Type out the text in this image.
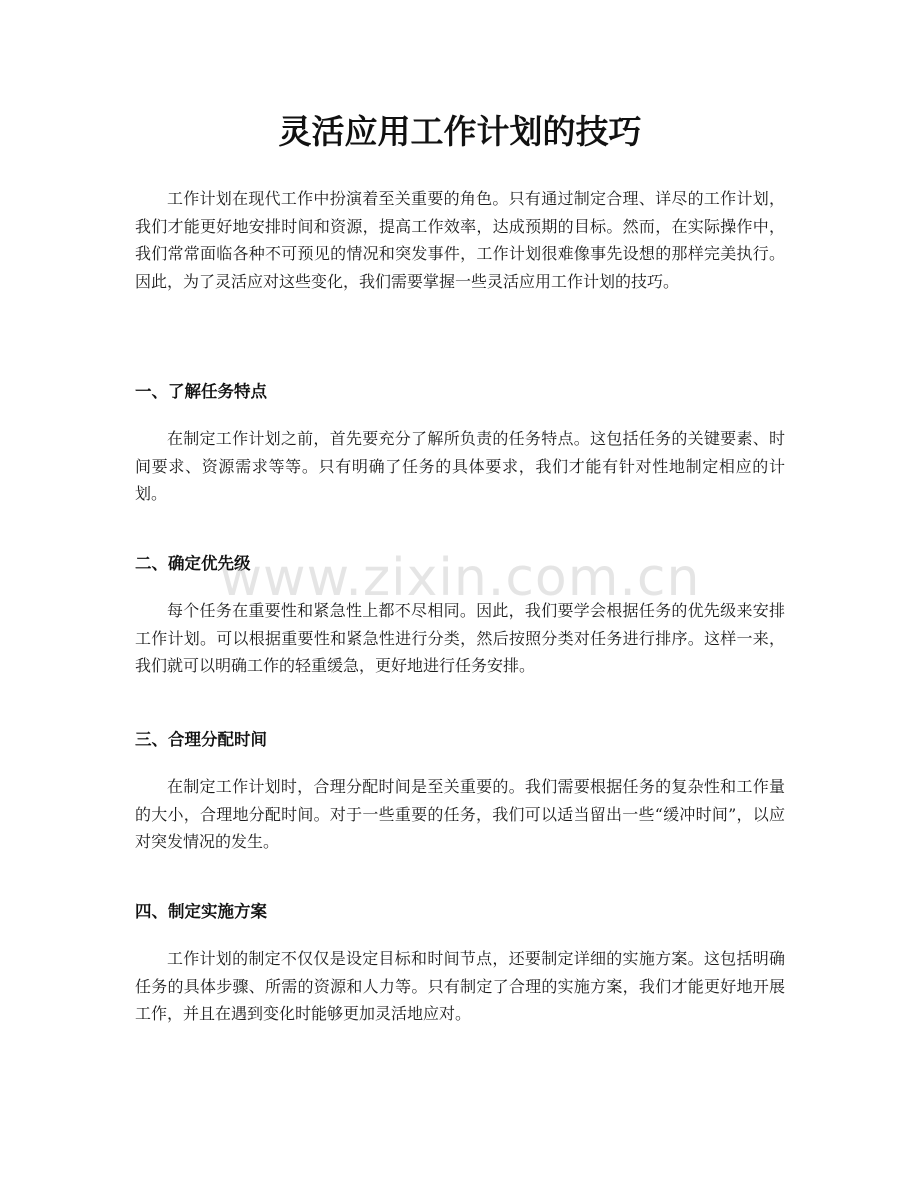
灵活应用工作计划的技巧

工作计划在现代工作中扮演着至关重要的角色。只有通过制定合理、详尽的工作计划，我们才能更好地安排时间和资源，提高工作效率，达成预期的目标。然而，在实际操作中，我们常常面临各种不可预见的情况和突发事件，工作计划很难像事先设想的那样完美执行。因此，为了灵活应对这些变化，我们需要掌握一些灵活应用工作计划的技巧。

一、了解任务特点

在制定工作计划之前，首先要充分了解所负责的任务特点。这包括任务的关键要素、时间要求、资源需求等等。只有明确了任务的具体要求，我们才能有针对性地制定相应的计划。

二、确定优先级

每个任务在重要性和紧急性上都不尽相同。因此，我们要学会根据任务的优先级来安排工作计划。可以根据重要性和紧急性进行分类，然后按照分类对任务进行排序。这样一来，我们就可以明确工作的轻重缓急，更好地进行任务安排。

三、合理分配时间

在制定工作计划时，合理分配时间是至关重要的。我们需要根据任务的复杂性和工作量的大小，合理地分配时间。对于一些重要的任务，我们可以适当留出一些“缓冲时间”，以应对突发情况的发生。

四、制定实施方案

工作计划的制定不仅仅是设定目标和时间节点，还要制定详细的实施方案。这包括明确任务的具体步骤、所需的资源和人力等。只有制定了合理的实施方案，我们才能更好地开展工作，并且在遇到变化时能够更加灵活地应对。

www.zixin.com.cn
